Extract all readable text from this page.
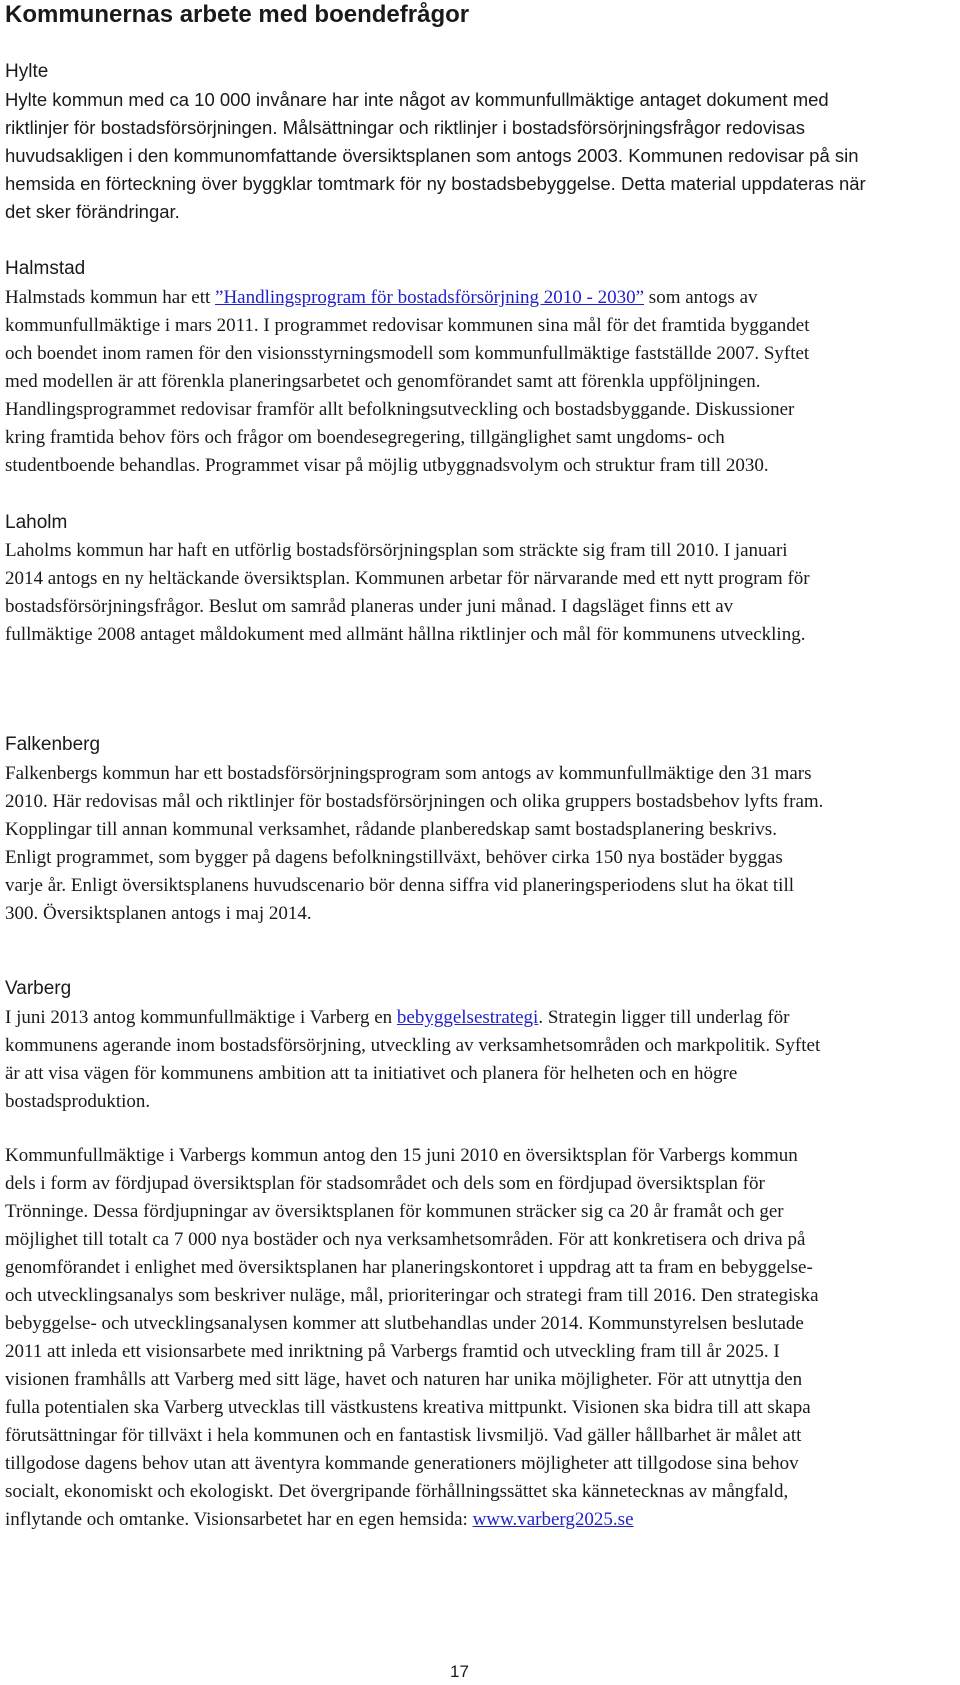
Kommunernas arbete med boendefrågor
Hylte
Hylte kommun med ca 10 000 invånare har inte något av kommunfullmäktige antaget dokument med
riktlinjer för bostadsförsörjningen. Målsättningar och riktlinjer i bostadsförsörjningsfrågor redovisas
huvudsakligen i den kommunomfattande översiktsplanen som antogs 2003. Kommunen redovisar på sin
hemsida en förteckning över byggklar tomtmark för ny bostadsbebyggelse. Detta material uppdateras när
det sker förändringar.
Halmstad
Halmstads kommun har ett ”Handlingsprogram för bostadsförsörjning 2010 - 2030” som antogs av
kommunfullmäktige i mars 2011. I programmet redovisar kommunen sina mål för det framtida byggandet
och boendet inom ramen för den visionsstyrningsmodell som kommunfullmäktige fastställde 2007. Syftet
med modellen är att förenkla planeringsarbetet och genomförandet samt att förenkla uppföljningen.
Handlingsprogrammet redovisar framför allt befolkningsutveckling och bostadsbyggande. Diskussioner
kring framtida behov förs och frågor om boendesegregering, tillgänglighet samt ungdoms- och
studentboende behandlas. Programmet visar på möjlig utbyggnadsvolym och struktur fram till 2030.
Laholm
Laholms kommun har haft en utförlig bostadsförsörjningsplan som sträckte sig fram till 2010. I januari
2014 antogs en ny heltäckande översiktsplan. Kommunen arbetar för närvarande med ett nytt program för
bostadsförsörjningsfrågor. Beslut om samråd planeras under juni månad. I dagsläget finns ett av
fullmäktige 2008 antaget måldokument med allmänt hållna riktlinjer och mål för kommunens utveckling.
Falkenberg
Falkenbergs kommun har ett bostadsförsörjningsprogram som antogs av kommunfullmäktige den 31 mars
2010. Här redovisas mål och riktlinjer för bostadsförsörjningen och olika gruppers bostadsbehov lyfts fram.
Kopplingar till annan kommunal verksamhet, rådande planberedskap samt bostadsplanering beskrivs.
Enligt programmet, som bygger på dagens befolkningstillväxt, behöver cirka 150 nya bostäder byggas
varje år. Enligt översiktsplanens huvudscenario bör denna siffra vid planeringsperiodens slut ha ökat till
300. Översiktsplanen antogs i maj 2014.
Varberg
I juni 2013 antog kommunfullmäktige i Varberg en bebyggelsestrategi. Strategin ligger till underlag för
kommunens agerande inom bostadsförsörjning, utveckling av verksamhetsområden och markpolitik. Syftet
är att visa vägen för kommunens ambition att ta initiativet och planera för helheten och en högre
bostadsproduktion.
Kommunfullmäktige i Varbergs kommun antog den 15 juni 2010 en översiktsplan för Varbergs kommun
dels i form av fördjupad översiktsplan för stadsområdet och dels som en fördjupad översiktsplan för
Trönninge. Dessa fördjupningar av översiktsplanen för kommunen sträcker sig ca 20 år framåt och ger
möjlighet till totalt ca 7 000 nya bostäder och nya verksamhetsområden. För att konkretisera och driva på
genomförandet i enlighet med översiktsplanen har planeringskontoret i uppdrag att ta fram en bebyggelse-
och utvecklingsanalys som beskriver nuläge, mål, prioriteringar och strategi fram till 2016. Den strategiska
bebyggelse- och utvecklingsanalysen kommer att slutbehandlas under 2014. Kommunstyrelsen beslutade
2011 att inleda ett visionsarbete med inriktning på Varbergs framtid och utveckling fram till år 2025. I
visionen framhålls att Varberg med sitt läge, havet och naturen har unika möjligheter. För att utnyttja den
fulla potentialen ska Varberg utvecklas till västkustens kreativa mittpunkt. Visionen ska bidra till att skapa
förutsättningar för tillväxt i hela kommunen och en fantastisk livsmiljö. Vad gäller hållbarhet är målet att
tillgodose dagens behov utan att äventyra kommande generationers möjligheter att tillgodose sina behov
socialt, ekonomiskt och ekologiskt. Det övergripande förhållningssättet ska kännetecknas av mångfald,
inflytande och omtanke. Visionsarbetet har en egen hemsida: www.varberg2025.se
17
